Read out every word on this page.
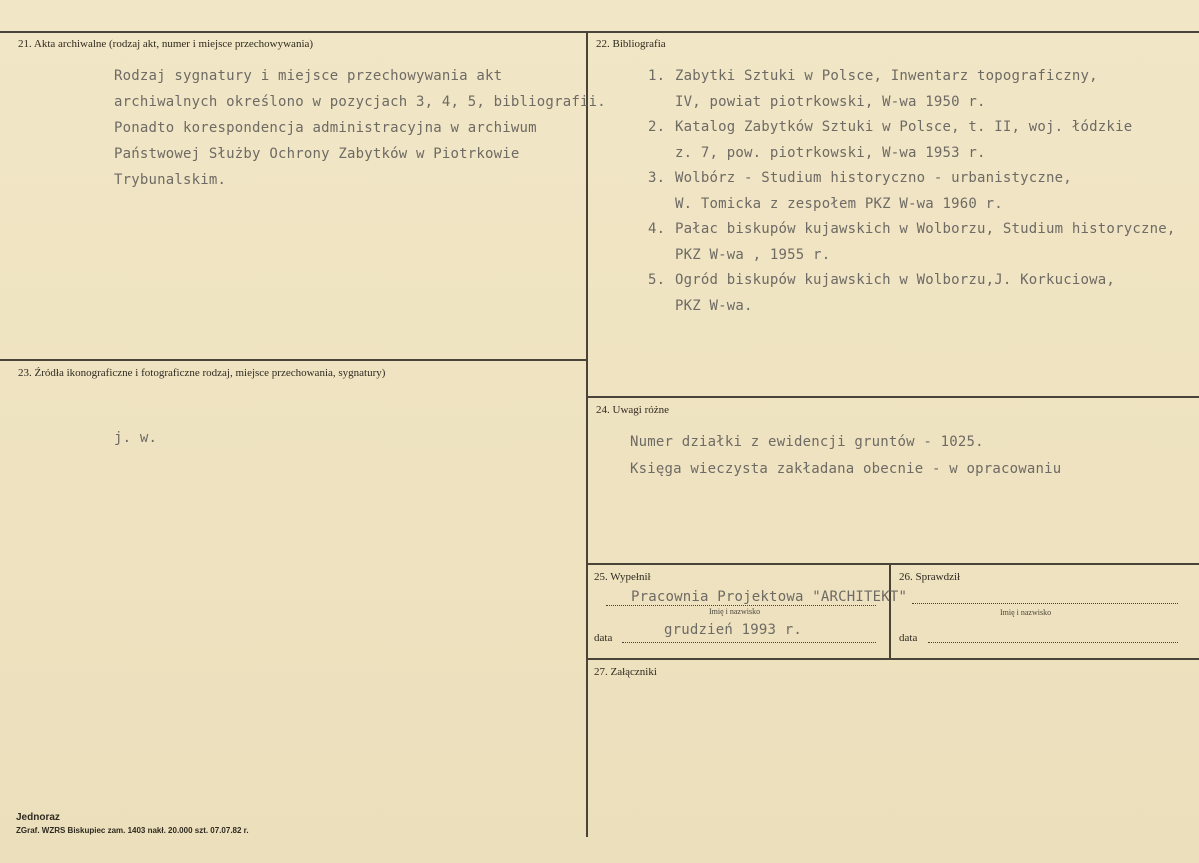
21. Akta archiwalne (rodzaj akt, numer i miejsce przechowywania)
Rodzaj sygnatury i miejsce przechowywania akt
archiwalnych określono w pozycjach 3, 4, 5, bibliografii.
Ponadto korespondencja administracyjna w archiwum
Państwowej Służby Ochrony Zabytków w Piotrkowie
Trybunalskim.
22. Bibliografia
1. Zabytki Sztuki w Polsce, Inwentarz topograficzny,
IV, powiat piotrkowski, W-wa 1950 r.
2. Katalog Zabytków Sztuki w Polsce, t. II, woj. łódzkie
z. 7, pow. piotrkowski, W-wa 1953 r.
3. Wolbórz - Studium historyczno - urbanistyczne,
W. Tomicka z zespołem PKZ W-wa 1960 r.
4. Pałac biskupów kujawskich w Wolborzu, Studium historyczne,
PKZ W-wa , 1955 r.
5. Ogród biskupów kujawskich w Wolborzu,J. Korkuciowa,
PKZ W-wa.
23. Źródła ikonograficzne i fotograficzne rodzaj, miejsce przechowania, sygnatury)
j. w.
24. Uwagi różne
Numer działki z ewidencji gruntów - 1025.
Księga wieczysta zakładana obecnie - w opracowaniu
25. Wypełnił
Pracownia Projektowa "ARCHITEKT"
Imię i nazwisko
data	grudzień 1993 r.
26. Sprawdził
Imię i nazwisko
data
27. Załączniki
Jednoraz
ZGraf. WZRS Biskupiec zam. 1403 nakł. 20.000 szt. 07.07.82 r.
